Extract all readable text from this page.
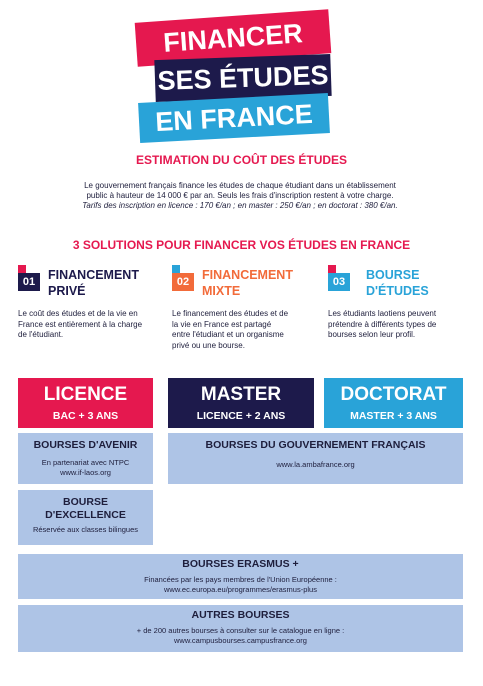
FINANCER
SES ÉTUDES
EN FRANCE
ESTIMATION DU COÛT DES ÉTUDES
Le gouvernement français finance les études de chaque étudiant dans un établissement
public à hauteur de 14 000 € par an. Seuls les frais d'inscription restent à votre charge.
Tarifs des inscription en licence : 170 €/an ; en master : 250 €/an ; en doctorat : 380 €/an.
3 SOLUTIONS POUR FINANCER VOS ÉTUDES EN FRANCE
01	FINANCEMENT
PRIVÉ
Le coût des études et de la vie en
France est entièrement à la charge
de l'étudiant.
02	FINANCEMENT
MIXTE
Le financement des études et de
la vie en France est partagé
entre l'étudiant et un organisme
privé ou une bourse.
03	BOURSE
D'ÉTUDES
Les étudiants laotiens peuvent
prétendre à différents types de
bourses selon leur profil.
LICENCE
BAC + 3 ANS
MASTER
LICENCE + 2 ANS
DOCTORAT
MASTER + 3 ANS
BOURSES D'AVENIR
En partenariat avec NTPC
www.if-laos.org
BOURSES DU GOUVERNEMENT FRANÇAIS
www.la.ambafrance.org
BOURSE
D'EXCELLENCE
Réservée aux classes bilingues
BOURSES ERASMUS +
Financées par les pays membres de l'Union Européenne :
www.ec.europa.eu/programmes/erasmus-plus
AUTRES BOURSES
+ de 200 autres bourses à consulter sur le catalogue en ligne :
www.campusbourses.campusfrance.org
